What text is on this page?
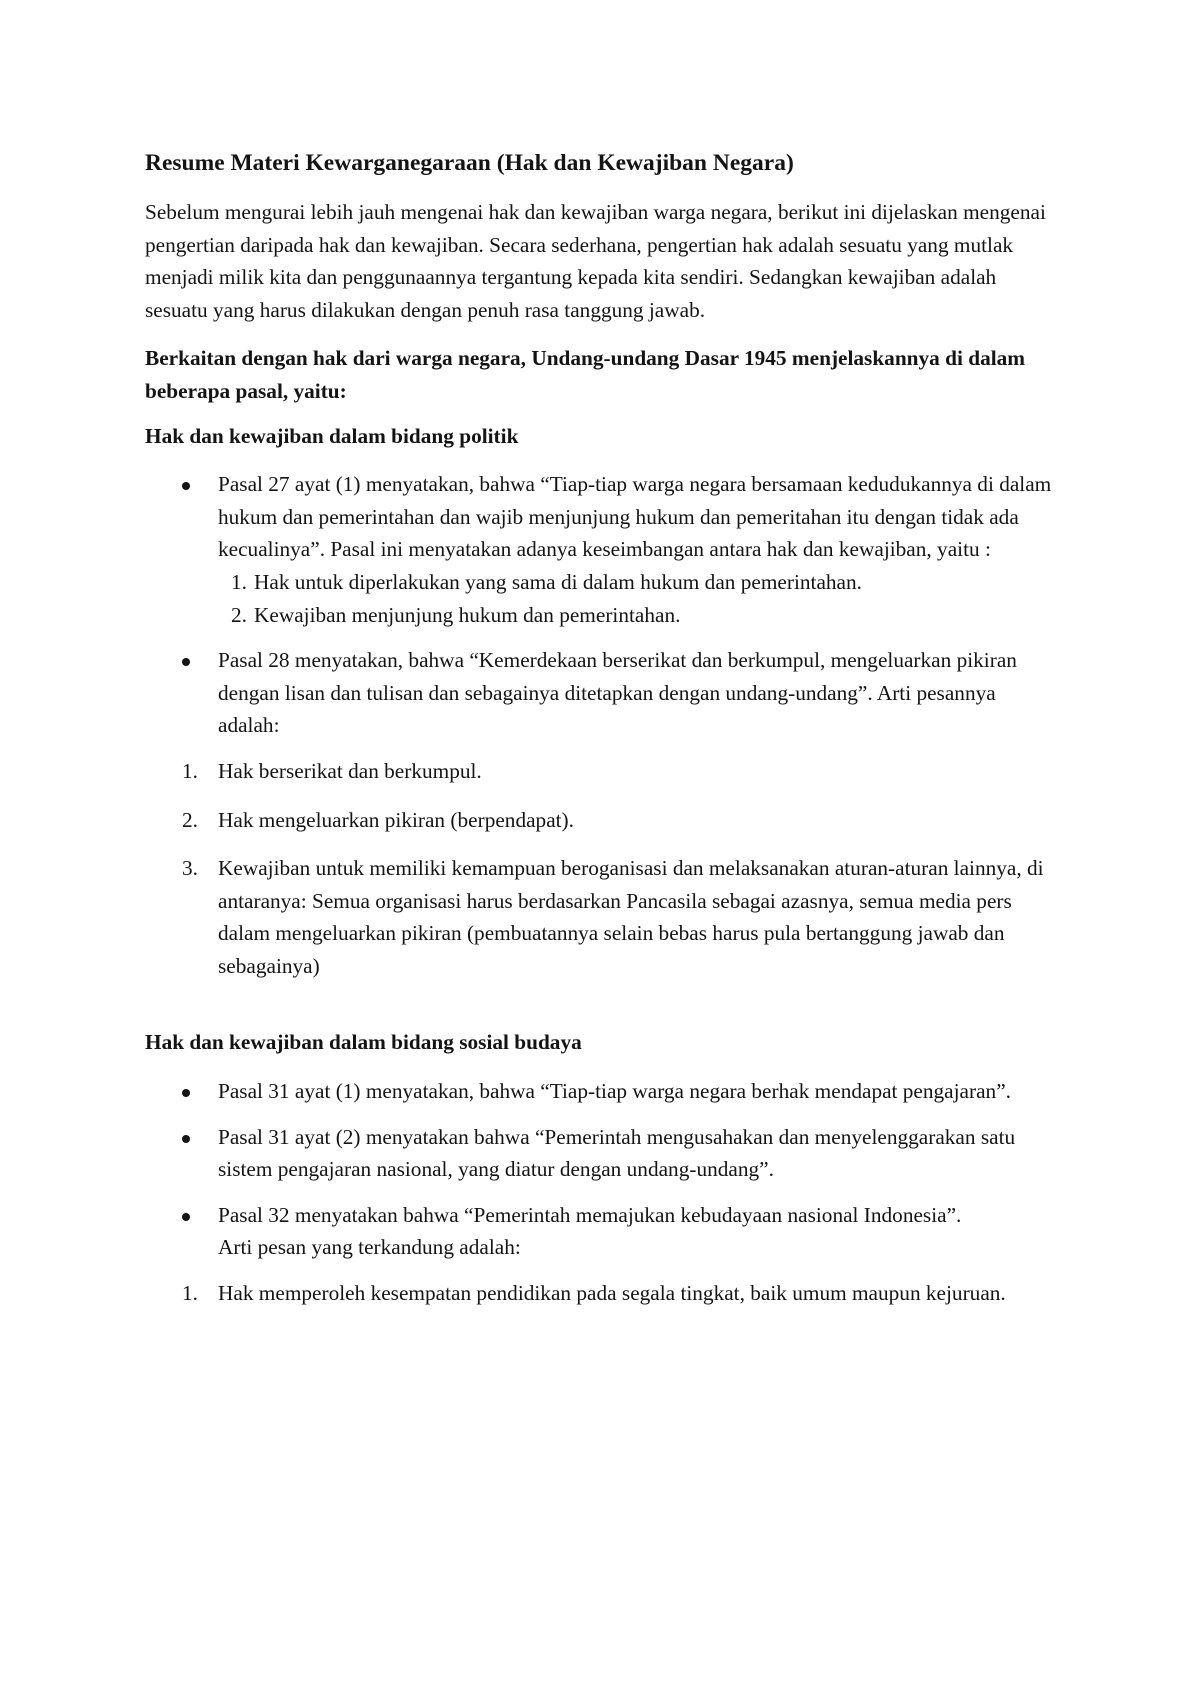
Resume Materi Kewarganegaraan (Hak dan Kewajiban Negara)

Sebelum mengurai lebih jauh mengenai hak dan kewajiban warga negara, berikut ini dijelaskan mengenai pengertian daripada hak dan kewajiban. Secara sederhana, pengertian hak adalah sesuatu yang mutlak menjadi milik kita dan penggunaannya tergantung kepada kita sendiri. Sedangkan kewajiban adalah sesuatu yang harus dilakukan dengan penuh rasa tanggung jawab.

Berkaitan dengan hak dari warga negara, Undang-undang Dasar 1945 menjelaskannya di dalam beberapa pasal, yaitu:

Hak dan kewajiban dalam bidang politik

Pasal 27 ayat (1) menyatakan, bahwa “Tiap-tiap warga negara bersamaan kedudukannya di dalam hukum dan pemerintahan dan wajib menjunjung hukum dan pemeritahan itu dengan tidak ada kecualinya”. Pasal ini menyatakan adanya keseimbangan antara hak dan kewajiban, yaitu :
1. Hak untuk diperlakukan yang sama di dalam hukum dan pemerintahan.
2. Kewajiban menjunjung hukum dan pemerintahan.
Pasal 28 menyatakan, bahwa “Kemerdekaan berserikat dan berkumpul, mengeluarkan pikiran dengan lisan dan tulisan dan sebagainya ditetapkan dengan undang-undang”. Arti pesannya adalah:
1. Hak berserikat dan berkumpul.
2. Hak mengeluarkan pikiran (berpendapat).
3. Kewajiban untuk memiliki kemampuan beroganisasi dan melaksanakan aturan-aturan lainnya, di antaranya: Semua organisasi harus berdasarkan Pancasila sebagai azasnya, semua media pers dalam mengeluarkan pikiran (pembuatannya selain bebas harus pula bertanggung jawab dan sebagainya)

Hak dan kewajiban dalam bidang sosial budaya

Pasal 31 ayat (1) menyatakan, bahwa “Tiap-tiap warga negara berhak mendapat pengajaran”.
Pasal 31 ayat (2) menyatakan bahwa “Pemerintah mengusahakan dan menyelenggarakan satu sistem pengajaran nasional, yang diatur dengan undang-undang”.
Pasal 32 menyatakan bahwa “Pemerintah memajukan kebudayaan nasional Indonesia”.
Arti pesan yang terkandung adalah:
1. Hak memperoleh kesempatan pendidikan pada segala tingkat, baik umum maupun kejuruan.
